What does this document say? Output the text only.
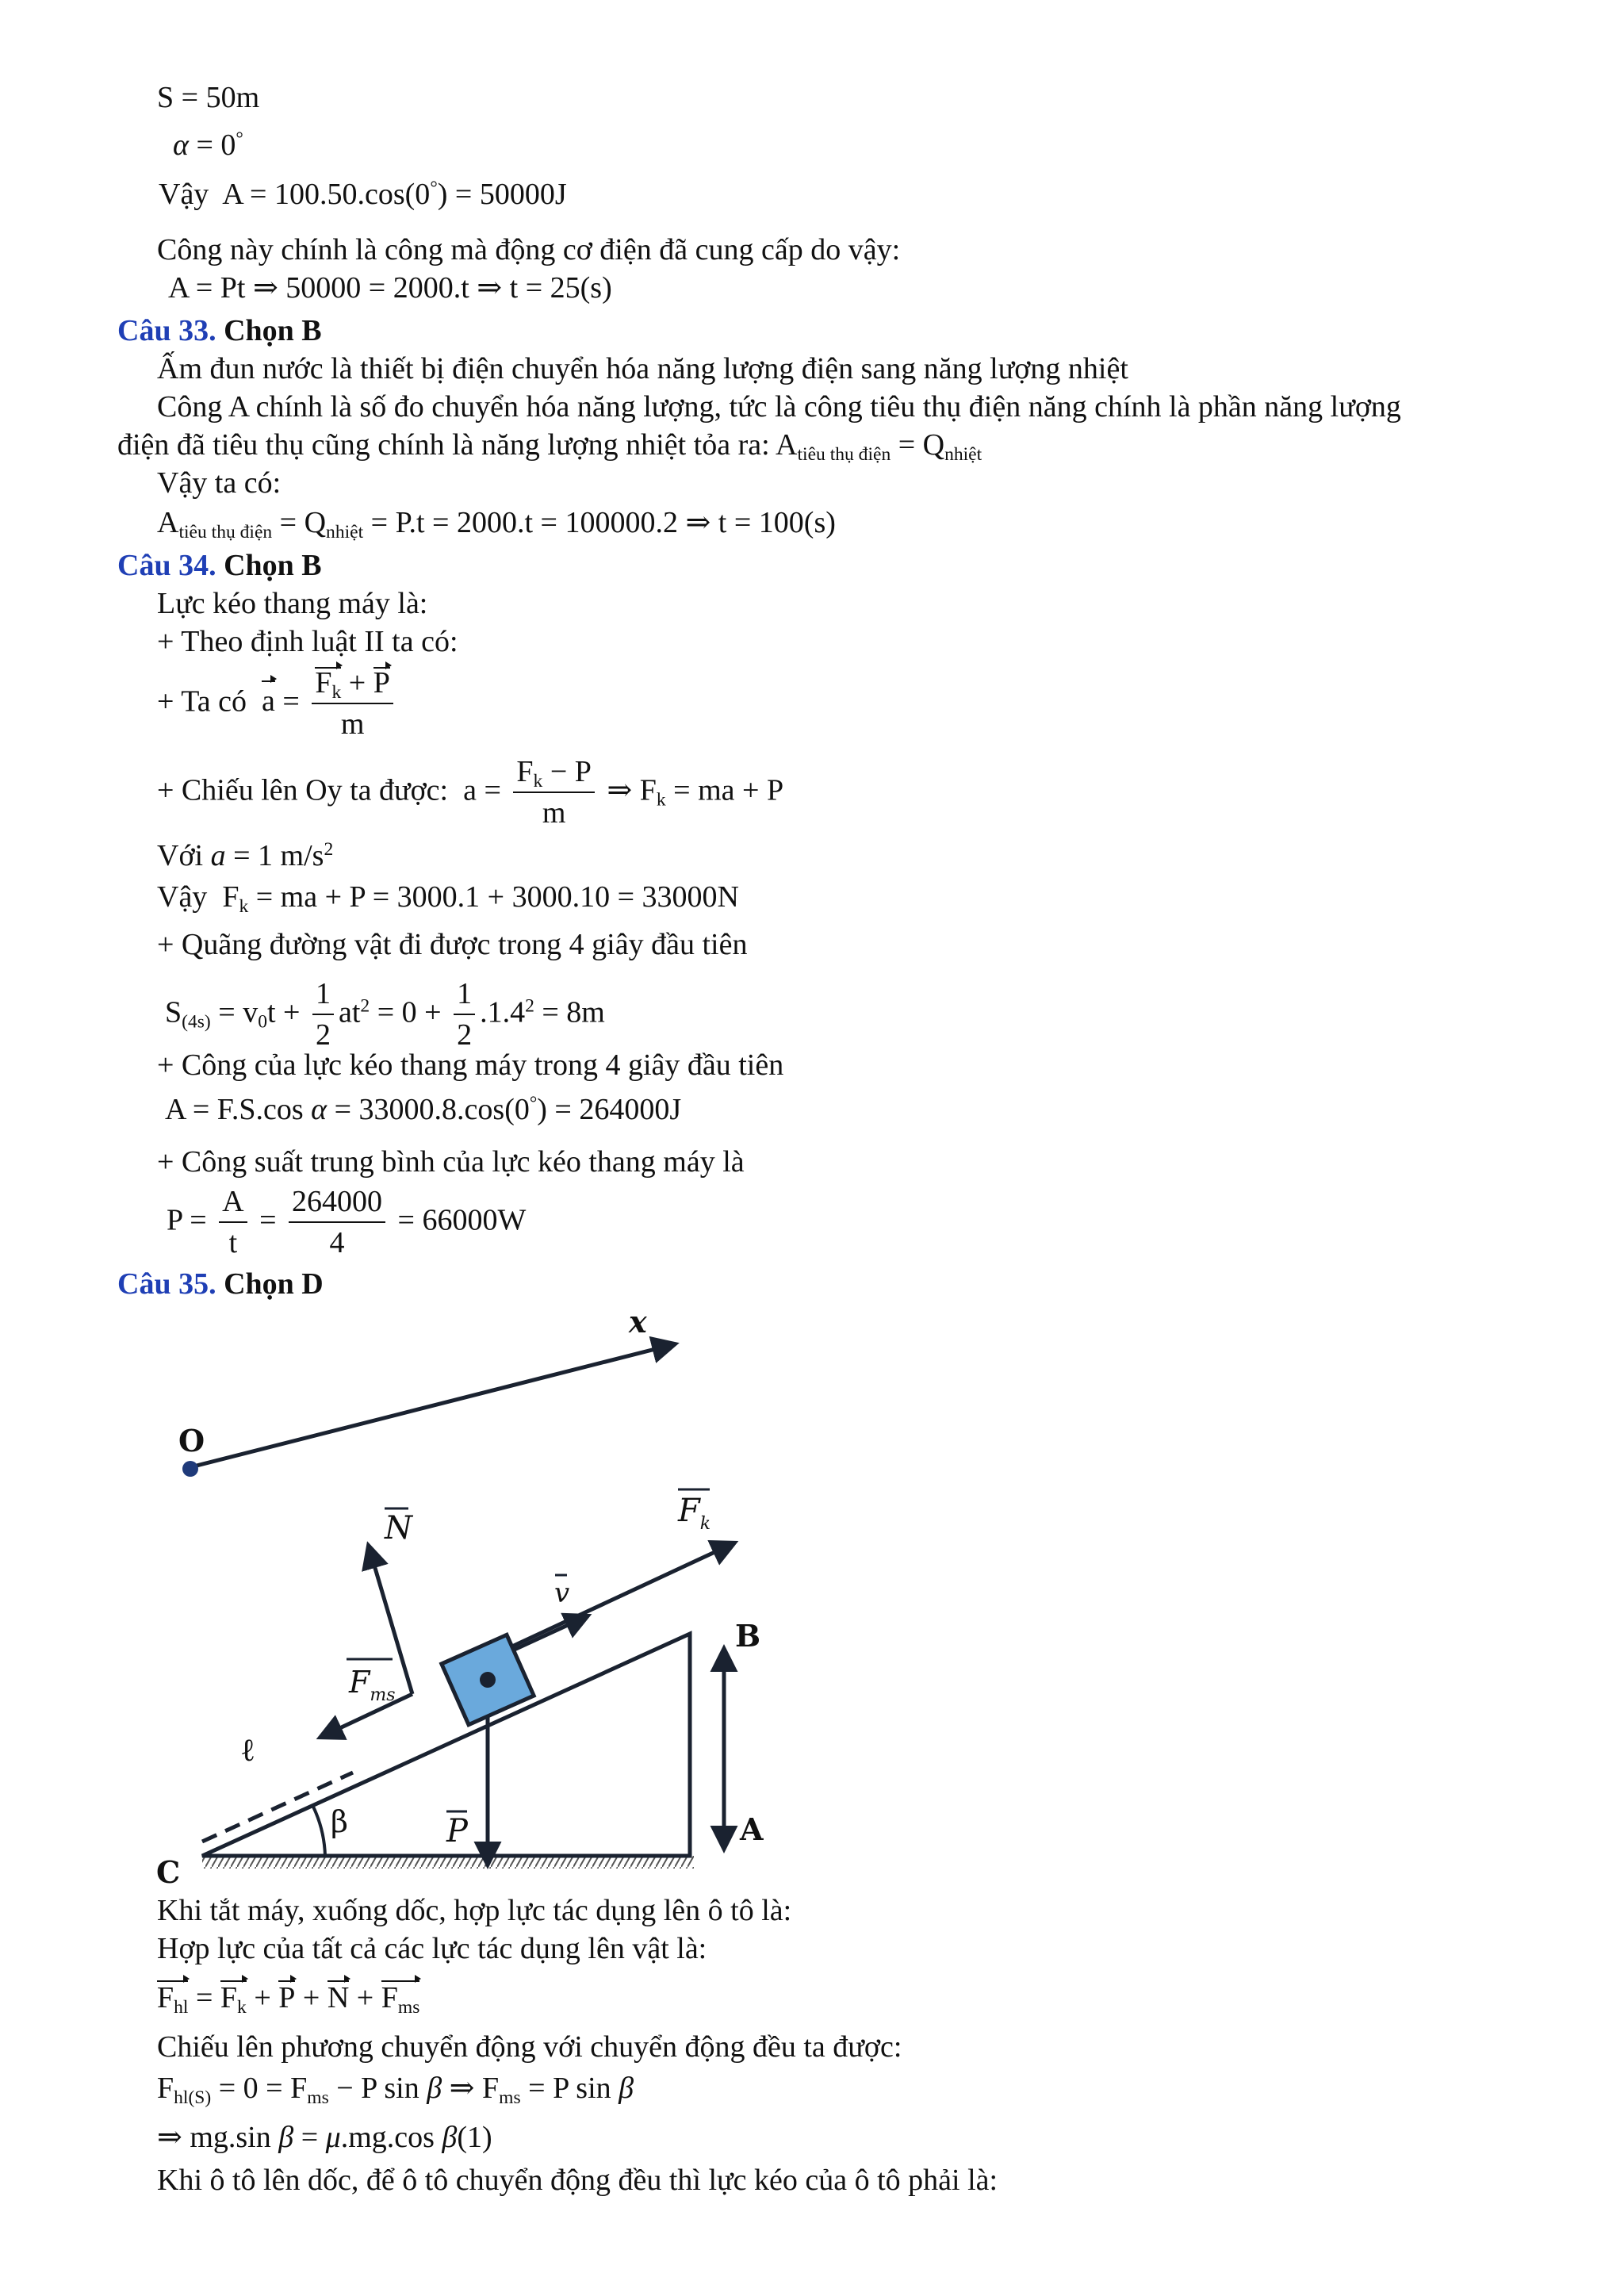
S = 50m
α = 0°
Vậy  A = 100.50.cos(0°) = 50000J
Công này chính là công mà động cơ điện đã cung cấp do vậy:
A = Pt ⇒ 50000 = 2000.t ⇒ t = 25(s)
Câu 33. Chọn B
Ấm đun nước là thiết bị điện chuyển hóa năng lượng điện sang năng lượng nhiệt
Công A chính là số đo chuyển hóa năng lượng, tức là công tiêu thụ điện năng chính là phần năng lượng
điện đã tiêu thụ cũng chính là năng lượng nhiệt tỏa ra: $A_{tiêu thụ điện} = Q_{nhiệt}$
Vậy ta có:
$A_{tiêu thụ điện} = Q_{nhiệt} = P.t = 2000.t = 100000.2$ ⇒ t = 100(s)
Câu 34. Chọn B
Lực kéo thang máy là:
+ Theo định luật II ta có:
+ Ta có $a = \frac{F_k + P}{m}$
+ Chiếu lên Oy ta được:  $a = \frac{F_k - P}{m}$ ⇒ $F_k$ = ma + P
Với a = 1 $m/s^2$
Vậy  $F_k$ = ma + P = 3000.1 + 3000.10 = 33000N
+ Quãng đường vật đi được trong 4 giây đầu tiên
$S_{(4s)} = v_0t + \frac{1}{2} at^2 = 0 + \frac{1}{2} .1.4^2 = 8m$
+ Công của lực kéo thang máy trong 4 giây đầu tiên
A = F.S.cos α = 33000.8.cos(0°) = 264000J
+ Công suất trung bình của lực kéo thang máy là
$P = \frac{A}{t} = \frac{264000}{4} = 66000W$
Câu 35. Chọn D
x
O
N	$F_k$
v
$F_{ms}$
B
ℓ
β	P	A
C
Khi tắt máy, xuống dốc, hợp lực tác dụng lên ô tô là:
Hợp lực của tất cả các lực tác dụng lên vật là:
$F_{hl} = F_k + P + N + F_{ms}$
Chiếu lên phương chuyển động với chuyển động đều ta được:
$F_{hl(S)} = 0 = F_{ms} - P$ sin β ⇒ $F_{ms} = P$ sin β
⇒ mg.sin β = μ.mg.cos β(1)
Khi ô tô lên dốc, để ô tô chuyển động đều thì lực kéo của ô tô phải là:
